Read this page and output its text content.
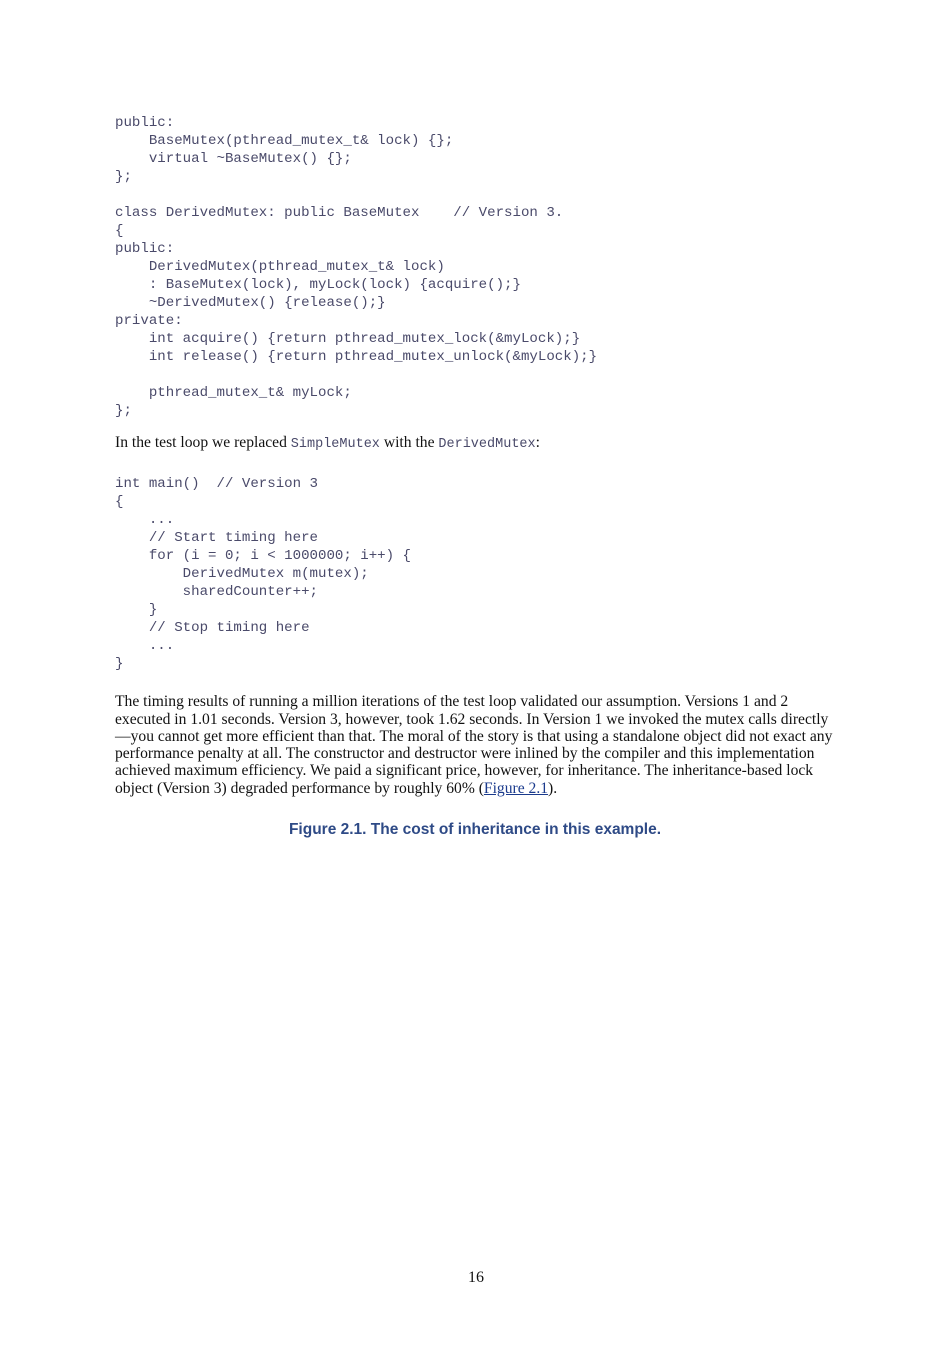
public:
BaseMutex(pthread_mutex_t& lock) {};
virtual ~BaseMutex() {};
};
class DerivedMutex: public BaseMutex    // Version 3.
{
public:
DerivedMutex(pthread_mutex_t& lock)
: BaseMutex(lock), myLock(lock) {acquire();}
~DerivedMutex() {release();}
private:
int acquire() {return pthread_mutex_lock(&myLock);}
int release() {return pthread_mutex_unlock(&myLock);}
pthread_mutex_t& myLock;
};

In the test loop we replaced SimpleMutex with the DerivedMutex:

int main()  // Version 3
{
...
// Start timing here
for (i = 0; i < 1000000; i++) {
DerivedMutex m(mutex);
sharedCounter++;
}
// Stop timing here
...
}

The timing results of running a million iterations of the test loop validated our assumption. Versions 1 and 2 executed in 1.01 seconds. Version 3, however, took 1.62 seconds. In Version 1 we invoked the mutex calls directly—you cannot get more efficient than that. The moral of the story is that using a standalone object did not exact any performance penalty at all. The constructor and destructor were inlined by the compiler and this implementation achieved maximum efficiency. We paid a significant price, however, for inheritance. The inheritance-based lock object (Version 3) degraded performance by roughly 60% (Figure 2.1).

Figure 2.1. The cost of inheritance in this example.
16
